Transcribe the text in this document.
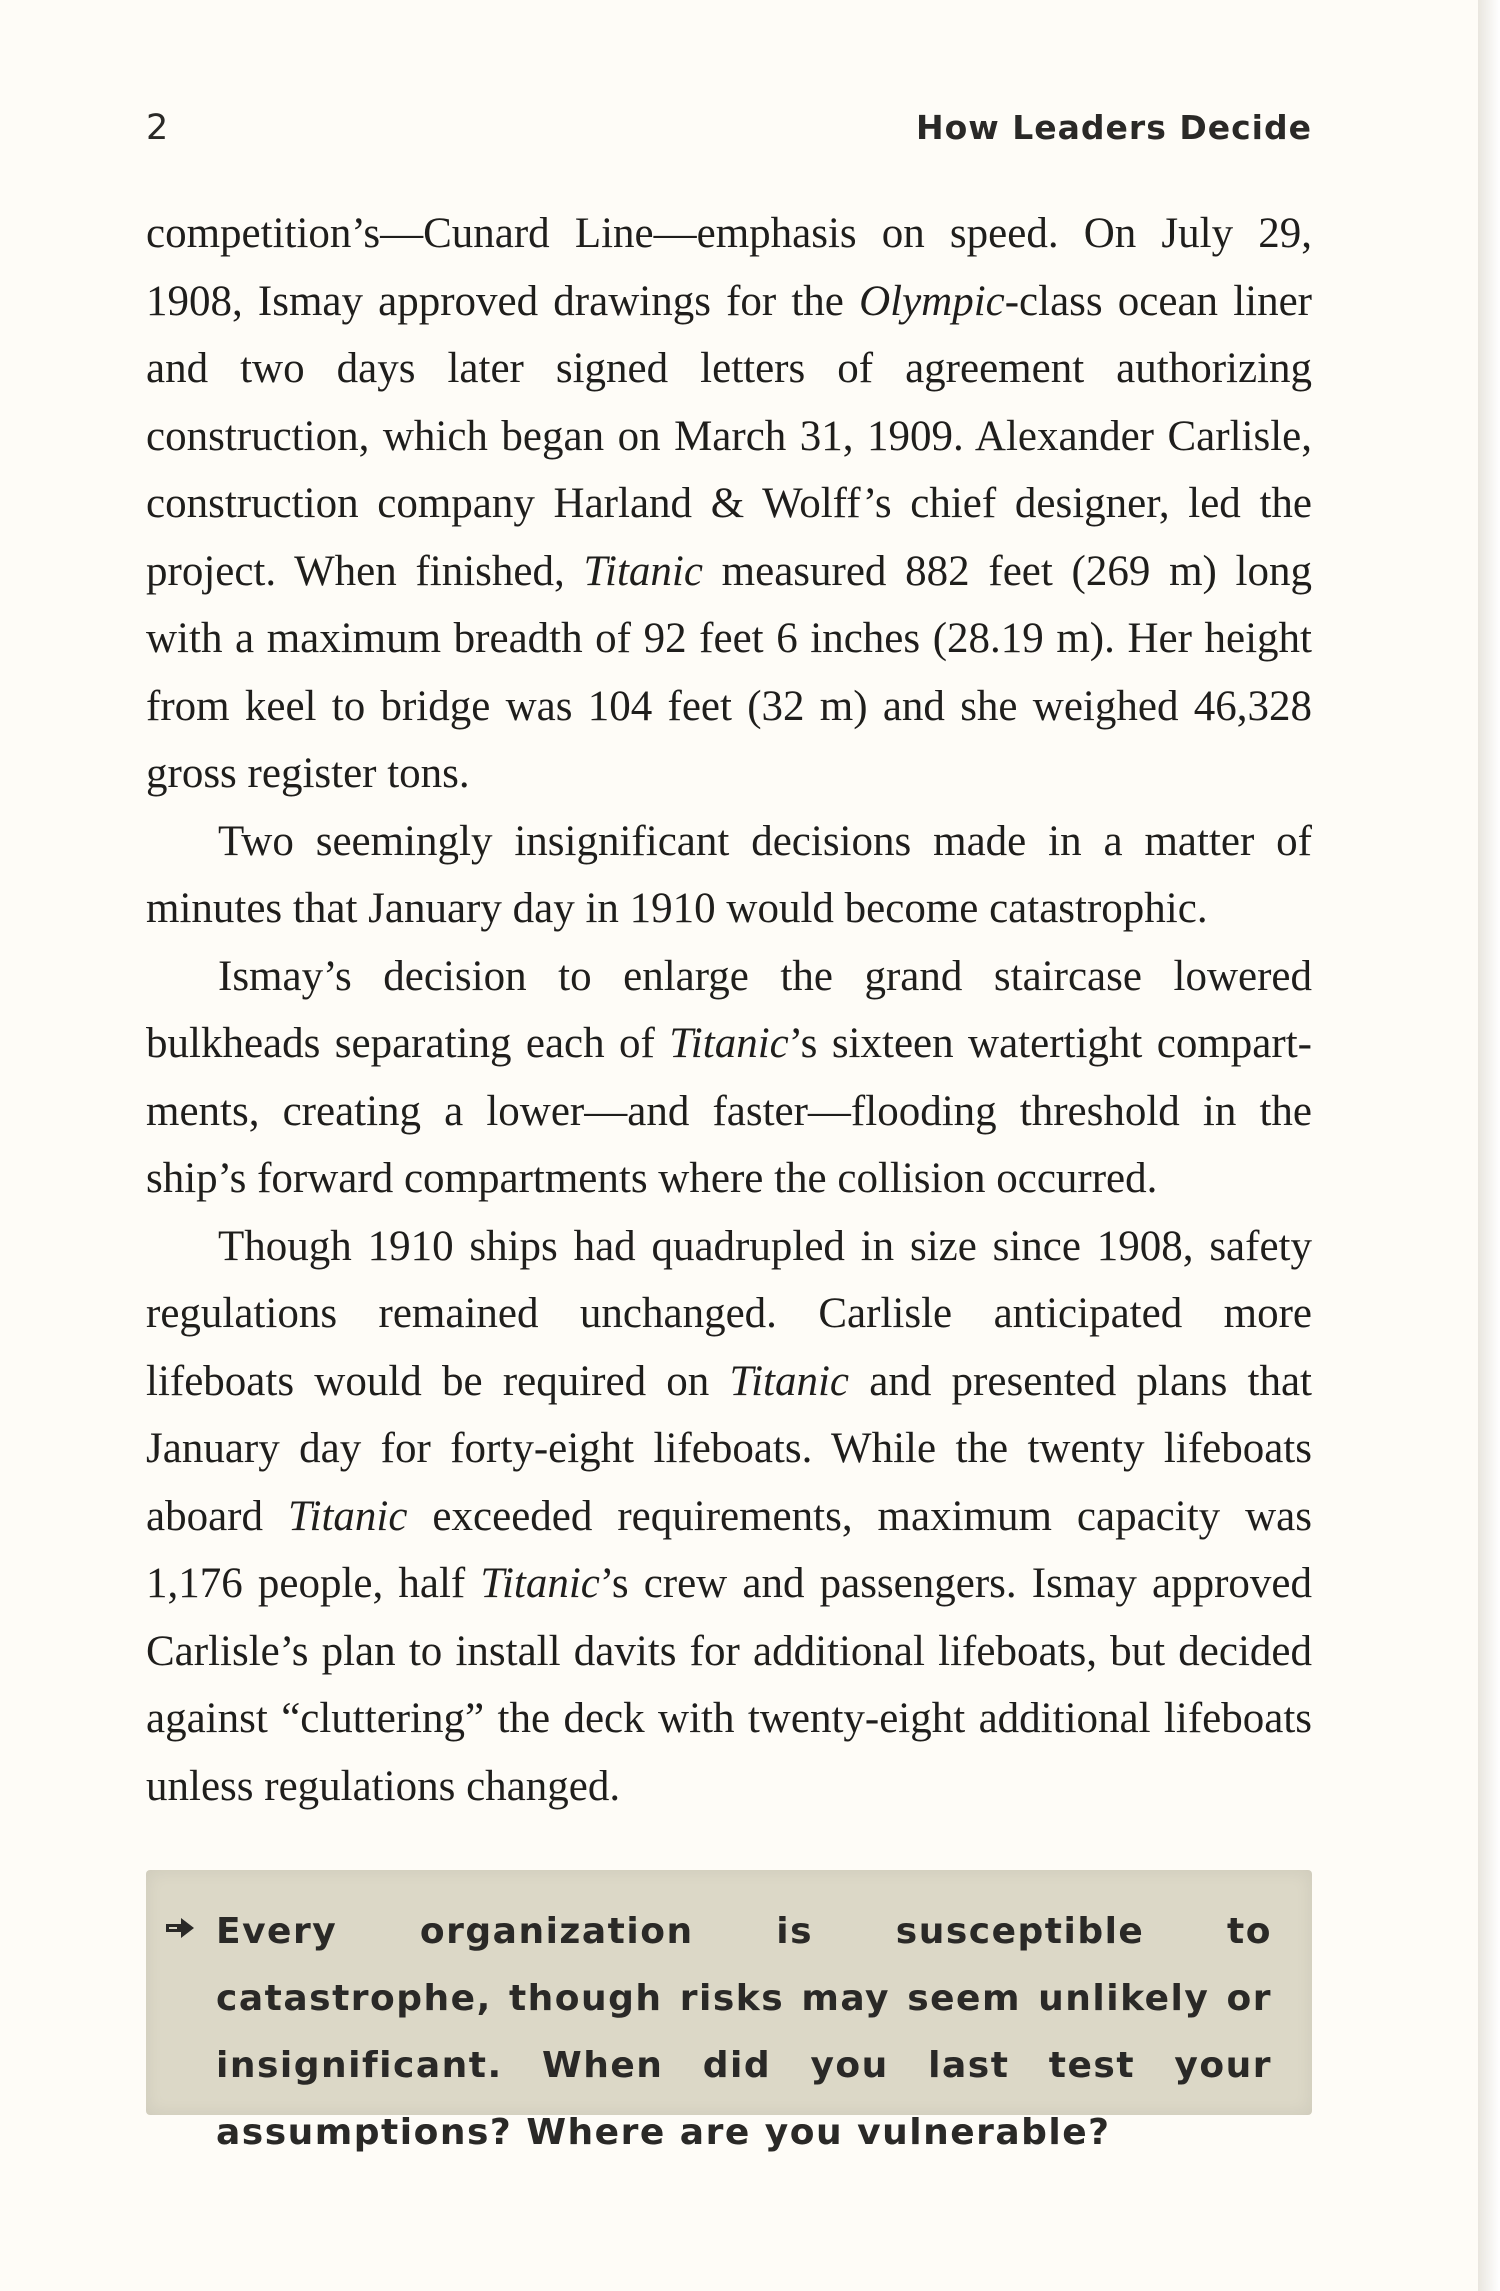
2	How Leaders Decide

competition’s—Cunard Line—emphasis on speed. On July 29, 1908, Ismay approved drawings for the Olympic-class ocean liner and two days later signed letters of agreement authorizing construction, which began on March 31, 1909. Alexander Carlisle, construction company Harland & Wolff’s chief designer, led the project. When finished, Titanic measured 882 feet (269 m) long with a maximum breadth of 92 feet 6 inches (28.19 m). Her height from keel to bridge was 104 feet (32 m) and she weighed 46,328 gross register tons.

Two seemingly insignificant decisions made in a matter of minutes that January day in 1910 would become catastrophic.

Ismay’s decision to enlarge the grand staircase lowered bulkheads separating each of Titanic’s sixteen watertight compartments, creating a lower—and faster—flooding threshold in the ship’s forward compartments where the collision occurred.

Though 1910 ships had quadrupled in size since 1908, safety regulations remained unchanged. Carlisle anticipated more lifeboats would be required on Titanic and presented plans that January day for forty-eight lifeboats. While the twenty lifeboats aboard Titanic exceeded requirements, maximum capacity was 1,176 people, half Titanic’s crew and passengers. Ismay approved Carlisle’s plan to install davits for additional lifeboats, but decided against “cluttering” the deck with twenty-eight additional lifeboats unless regulations changed.

Every organization is susceptible to catastrophe, though risks may seem unlikely or insignificant. When did you last test your assumptions? Where are you vulnerable?
